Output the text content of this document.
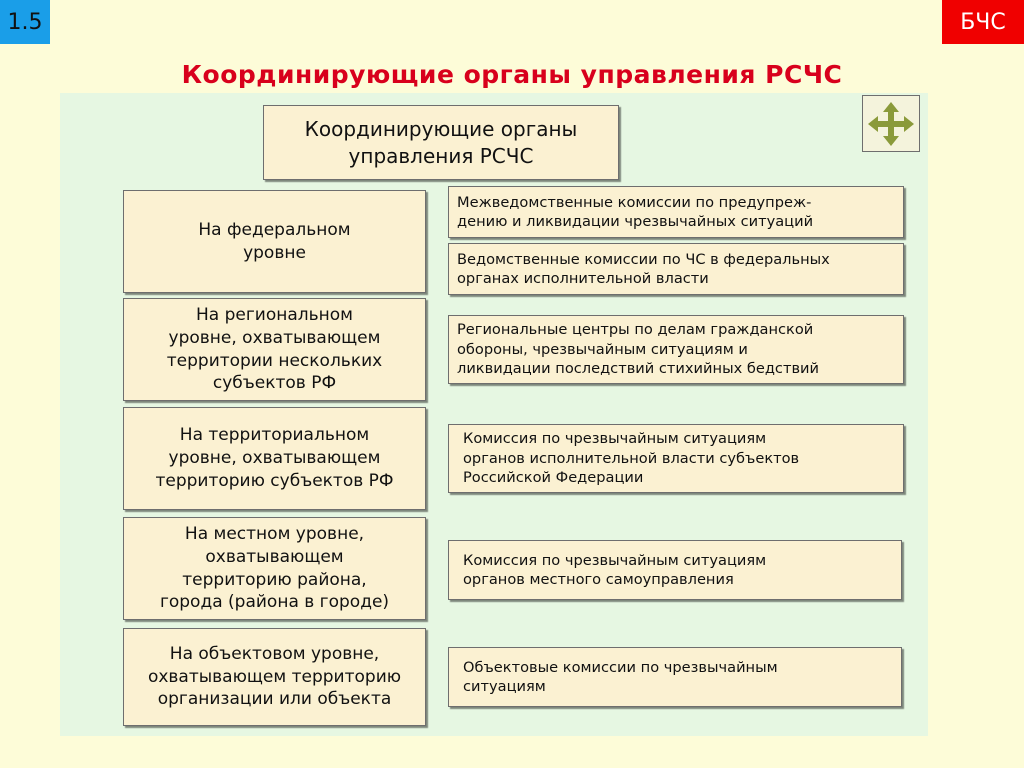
1.5	БЧС
Координирующие органы управления РСЧС
Координирующие органы
управления РСЧС
На федеральном
уровне
На региональном
уровне, охватывающем
территории нескольких
субъектов РФ
На территориальном
уровне, охватывающем
территорию субъектов РФ
На местном уровне,
охватывающем
территорию района,
города (района в городе)
На объектовом уровне,
охватывающем территорию
организации или объекта
Межведомственные комиссии по предупреж-
дению и ликвидации чрезвычайных ситуаций
Ведомственные комиссии по ЧС в федеральных
органах исполнительной власти
Региональные центры по делам гражданской
обороны, чрезвычайным ситуациям и
ликвидации последствий стихийных бедствий
Комиссия по чрезвычайным ситуациям
органов исполнительной власти субъектов
Российской Федерации
Комиссия по чрезвычайным ситуациям
органов местного самоуправления
Объектовые комиссии по чрезвычайным
ситуациям
